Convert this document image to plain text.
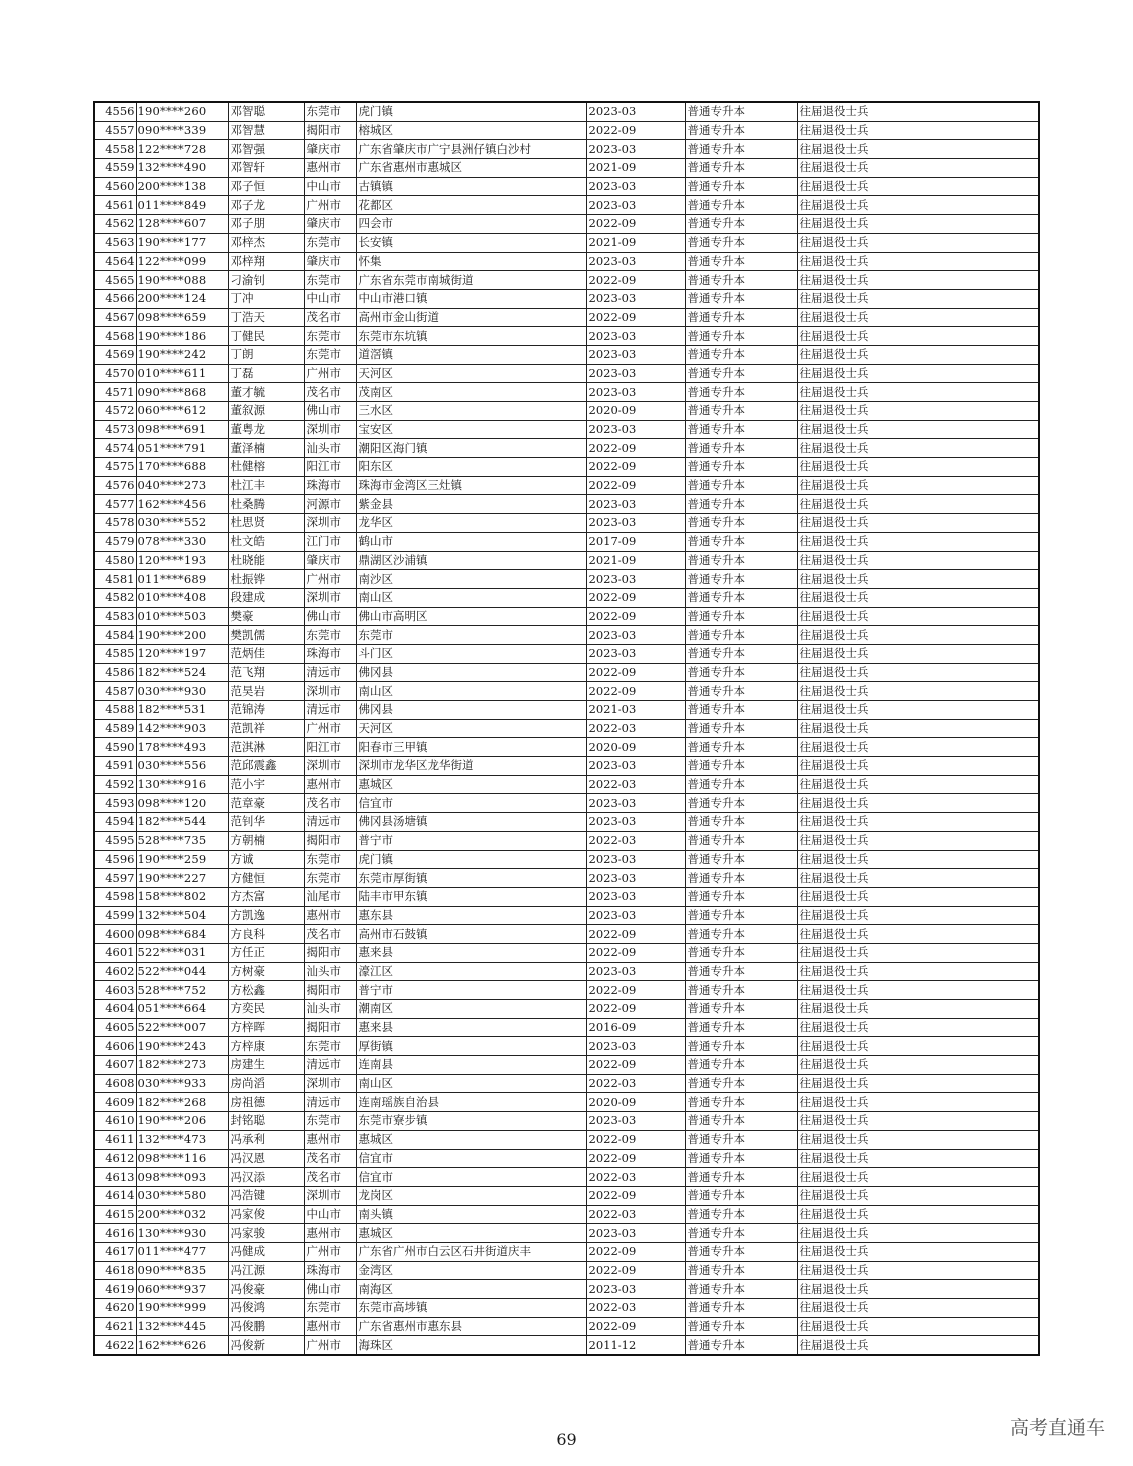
4556	190****260	邓智聪	东莞市	虎门镇	2023-03	普通专升本	往届退役士兵
4557	090****339	邓智慧	揭阳市	榕城区	2022-09	普通专升本	往届退役士兵
4558	122****728	邓智强	肇庆市	广东省肇庆市广宁县洲仔镇白沙村	2023-03	普通专升本	往届退役士兵
4559	132****490	邓智轩	惠州市	广东省惠州市惠城区	2021-09	普通专升本	往届退役士兵
4560	200****138	邓子恒	中山市	古镇镇	2023-03	普通专升本	往届退役士兵
4561	011****849	邓子龙	广州市	花都区	2023-03	普通专升本	往届退役士兵
4562	128****607	邓子朋	肇庆市	四会市	2022-09	普通专升本	往届退役士兵
4563	190****177	邓梓杰	东莞市	长安镇	2021-09	普通专升本	往届退役士兵
4564	122****099	邓梓翔	肇庆市	怀集	2023-03	普通专升本	往届退役士兵
4565	190****088	刁渝钊	东莞市	广东省东莞市南城街道	2022-09	普通专升本	往届退役士兵
4566	200****124	丁冲	中山市	中山市港口镇	2023-03	普通专升本	往届退役士兵
4567	098****659	丁浩天	茂名市	高州市金山街道	2022-09	普通专升本	往届退役士兵
4568	190****186	丁健民	东莞市	东莞市东坑镇	2023-03	普通专升本	往届退役士兵
4569	190****242	丁朗	东莞市	道滘镇	2023-03	普通专升本	往届退役士兵
4570	010****611	丁磊	广州市	天河区	2023-03	普通专升本	往届退役士兵
4571	090****868	董才毓	茂名市	茂南区	2023-03	普通专升本	往届退役士兵
4572	060****612	董叙源	佛山市	三水区	2020-09	普通专升本	往届退役士兵
4573	098****691	董粤龙	深圳市	宝安区	2023-03	普通专升本	往届退役士兵
4574	051****791	董泽楠	汕头市	潮阳区海门镇	2022-09	普通专升本	往届退役士兵
4575	170****688	杜健榕	阳江市	阳东区	2022-09	普通专升本	往届退役士兵
4576	040****273	杜江丰	珠海市	珠海市金湾区三灶镇	2022-09	普通专升本	往届退役士兵
4577	162****456	杜桑腾	河源市	紫金县	2023-03	普通专升本	往届退役士兵
4578	030****552	杜思贤	深圳市	龙华区	2023-03	普通专升本	往届退役士兵
4579	078****330	杜文皓	江门市	鹤山市	2017-09	普通专升本	往届退役士兵
4580	120****193	杜晓能	肇庆市	鼎湖区沙浦镇	2021-09	普通专升本	往届退役士兵
4581	011****689	杜振铧	广州市	南沙区	2023-03	普通专升本	往届退役士兵
4582	010****408	段建成	深圳市	南山区	2022-09	普通专升本	往届退役士兵
4583	010****503	樊豪	佛山市	佛山市高明区	2022-09	普通专升本	往届退役士兵
4584	190****200	樊凯儒	东莞市	东莞市	2023-03	普通专升本	往届退役士兵
4585	120****197	范炳佳	珠海市	斗门区	2023-03	普通专升本	往届退役士兵
4586	182****524	范飞翔	清远市	佛冈县	2022-09	普通专升本	往届退役士兵
4587	030****930	范昊岩	深圳市	南山区	2022-09	普通专升本	往届退役士兵
4588	182****531	范锦涛	清远市	佛冈县	2021-03	普通专升本	往届退役士兵
4589	142****903	范凯祥	广州市	天河区	2022-03	普通专升本	往届退役士兵
4590	178****493	范淇淋	阳江市	阳春市三甲镇	2020-09	普通专升本	往届退役士兵
4591	030****556	范邱震鑫	深圳市	深圳市龙华区龙华街道	2023-03	普通专升本	往届退役士兵
4592	130****916	范小宇	惠州市	惠城区	2022-03	普通专升本	往届退役士兵
4593	098****120	范章豪	茂名市	信宜市	2023-03	普通专升本	往届退役士兵
4594	182****544	范钊华	清远市	佛冈县汤塘镇	2023-03	普通专升本	往届退役士兵
4595	528****735	方朝楠	揭阳市	普宁市	2022-03	普通专升本	往届退役士兵
4596	190****259	方诚	东莞市	虎门镇	2023-03	普通专升本	往届退役士兵
4597	190****227	方健恒	东莞市	东莞市厚街镇	2023-03	普通专升本	往届退役士兵
4598	158****802	方杰富	汕尾市	陆丰市甲东镇	2023-03	普通专升本	往届退役士兵
4599	132****504	方凯逸	惠州市	惠东县	2023-03	普通专升本	往届退役士兵
4600	098****684	方良科	茂名市	高州市石鼓镇	2022-09	普通专升本	往届退役士兵
4601	522****031	方任正	揭阳市	惠来县	2022-09	普通专升本	往届退役士兵
4602	522****044	方树豪	汕头市	濠江区	2023-03	普通专升本	往届退役士兵
4603	528****752	方松鑫	揭阳市	普宁市	2022-09	普通专升本	往届退役士兵
4604	051****664	方奕民	汕头市	潮南区	2022-09	普通专升本	往届退役士兵
4605	522****007	方梓晖	揭阳市	惠来县	2016-09	普通专升本	往届退役士兵
4606	190****243	方梓康	东莞市	厚街镇	2023-03	普通专升本	往届退役士兵
4607	182****273	房建生	清远市	连南县	2022-09	普通专升本	往届退役士兵
4608	030****933	房尚滔	深圳市	南山区	2022-03	普通专升本	往届退役士兵
4609	182****268	房祖德	清远市	连南瑶族自治县	2020-09	普通专升本	往届退役士兵
4610	190****206	封铭聪	东莞市	东莞市寮步镇	2023-03	普通专升本	往届退役士兵
4611	132****473	冯承利	惠州市	惠城区	2022-09	普通专升本	往届退役士兵
4612	098****116	冯汉恩	茂名市	信宜市	2022-09	普通专升本	往届退役士兵
4613	098****093	冯汉添	茂名市	信宜市	2022-03	普通专升本	往届退役士兵
4614	030****580	冯浩键	深圳市	龙岗区	2022-09	普通专升本	往届退役士兵
4615	200****032	冯家俊	中山市	南头镇	2022-03	普通专升本	往届退役士兵
4616	130****930	冯家骏	惠州市	惠城区	2023-03	普通专升本	往届退役士兵
4617	011****477	冯健成	广州市	广东省广州市白云区石井街道庆丰	2022-09	普通专升本	往届退役士兵
4618	090****835	冯江源	珠海市	金湾区	2022-09	普通专升本	往届退役士兵
4619	060****937	冯俊豪	佛山市	南海区	2023-03	普通专升本	往届退役士兵
4620	190****999	冯俊鸿	东莞市	东莞市高埗镇	2022-03	普通专升本	往届退役士兵
4621	132****445	冯俊鹏	惠州市	广东省惠州市惠东县	2022-09	普通专升本	往届退役士兵
4622	162****626	冯俊新	广州市	海珠区	2011-12	普通专升本	往届退役士兵
69
高考直通车
